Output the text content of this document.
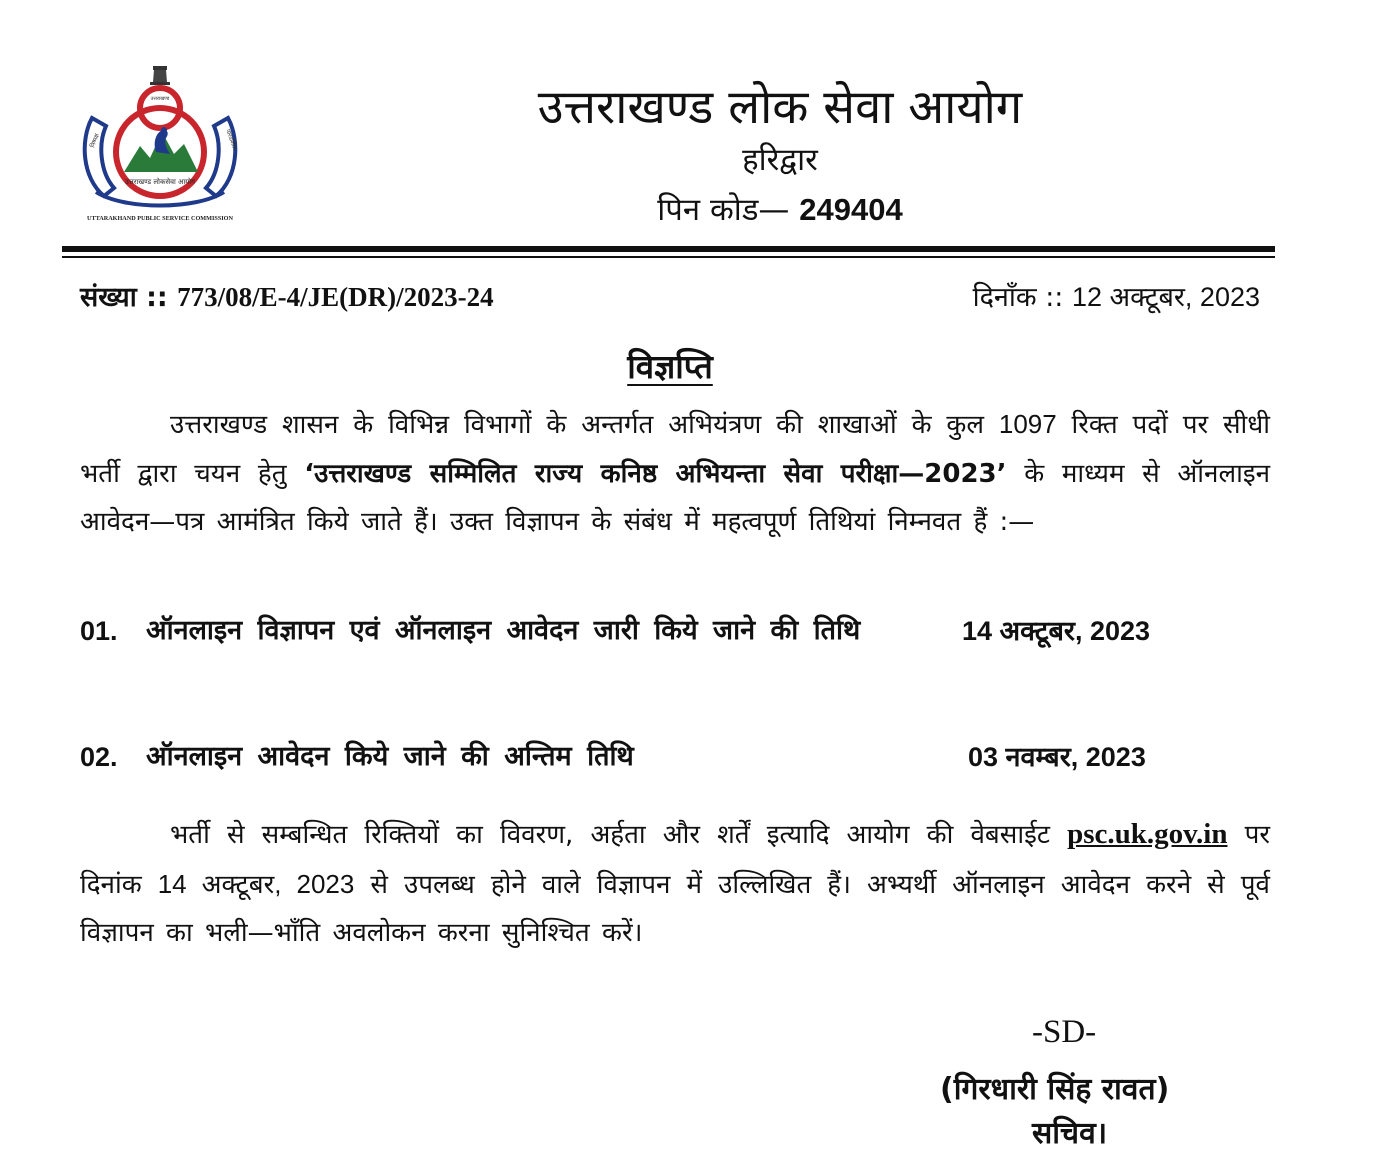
उत्तराखण्ड
निष्पक्ष	पारदर्शिता
उत्तराखण्ड लोकसेवा आयोग
UTTARAKHAND PUBLIC SERVICE COMMISSION
उत्तराखण्ड लोक सेवा आयोग
हरिद्वार
पिन कोड— 249404
संख्या :: 773/08/E-4/JE(DR)/2023-24	दिनाँक :: 12 अक्टूबर, 2023
विज्ञप्ति
उत्तराखण्ड शासन के विभिन्न विभागों के अन्तर्गत अभियंत्रण की शाखाओं के कुल 1097 रिक्त पदों पर सीधी भर्ती द्वारा चयन हेतु ‘उत्तराखण्ड सम्मिलित राज्य कनिष्ठ अभियन्ता सेवा परीक्षा—2023’ के माध्यम से ऑनलाइन आवेदन—पत्र आमंत्रित किये जाते हैं। उक्त विज्ञापन के संबंध में महत्वपूर्ण तिथियां निम्नवत हैं :—
01. ऑनलाइन विज्ञापन एवं ऑनलाइन आवेदन जारी किये जाने की तिथि	14 अक्टूबर, 2023
02. ऑनलाइन आवेदन किये जाने की अन्तिम तिथि	03 नवम्बर, 2023
भर्ती से सम्बन्धित रिक्तियों का विवरण, अर्हता और शर्तें इत्यादि आयोग की वेबसाईट psc.uk.gov.in पर दिनांक 14 अक्टूबर, 2023 से उपलब्ध होने वाले विज्ञापन में उल्लिखित हैं। अभ्यर्थी ऑनलाइन आवेदन करने से पूर्व विज्ञापन का भली—भाँति अवलोकन करना सुनिश्चित करें।
-SD-
(गिरधारी सिंह रावत)
सचिव।
